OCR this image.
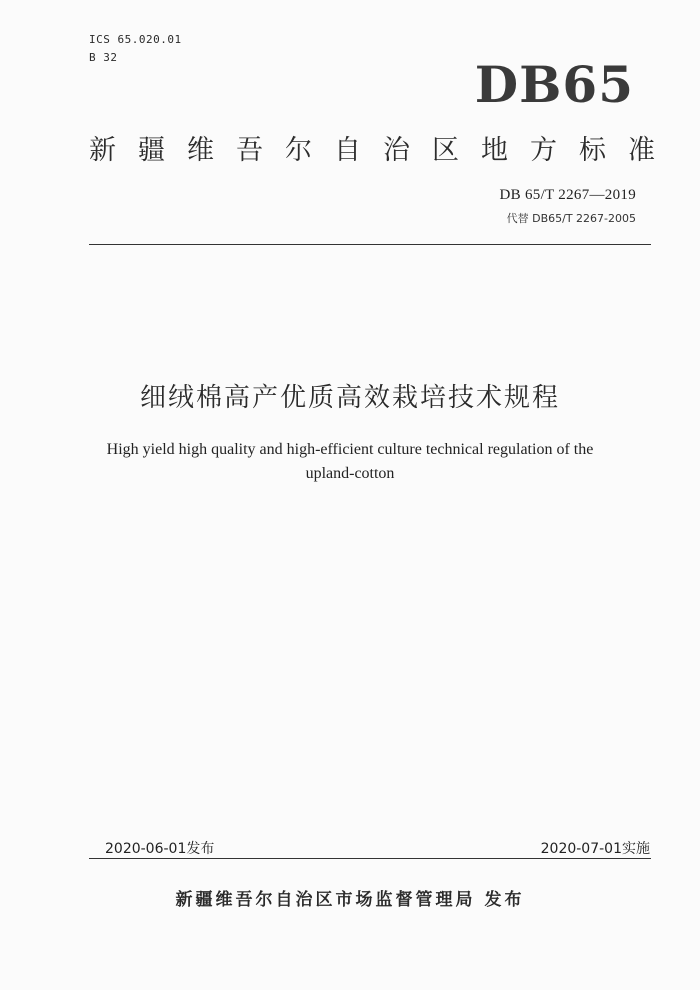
ICS 65.020.01
B 32	DB65
新 疆 维 吾 尔 自 治 区 地 方 标 准
DB 65/T 2267—2019
代替 DB65/T 2267-2005
细绒棉高产优质高效栽培技术规程
High yield high quality and high-efficient culture technical regulation of the upland-cotton
2020-06-01发布	2020-07-01实施
新疆维吾尔自治区市场监督管理局 发布
